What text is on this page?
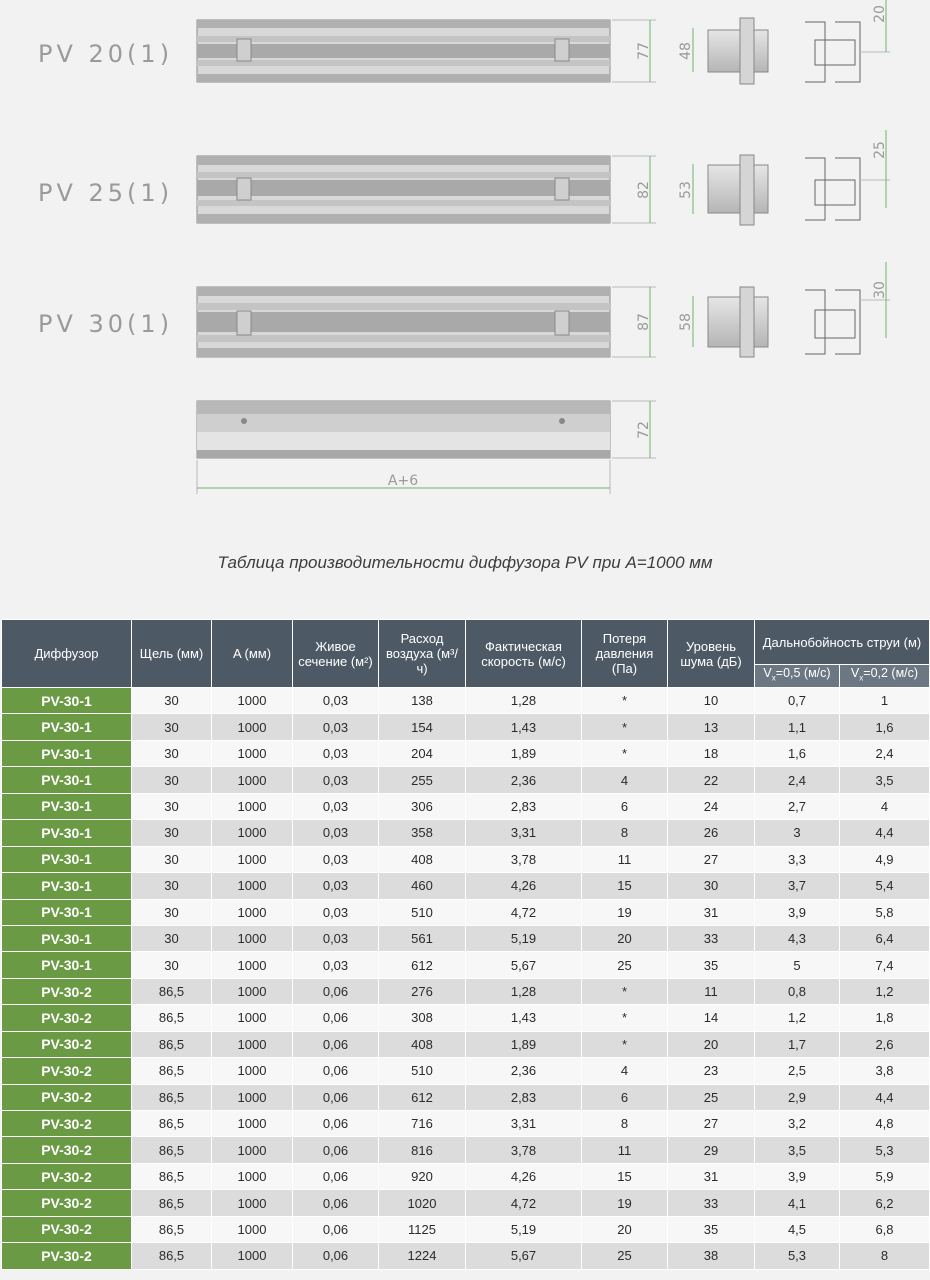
PV 20(1)
PV 25(1)
PV 30(1)
77 48
20
82 53
25
87 58
30
72
A+6
Таблица производительности диффузора PV при A=1000 мм
Диффузор	Щель (мм)	A (мм)	Живое сечение (м²)	Расход воздуха (м³/ч)	Фактическая скорость (м/с)	Потеря давления (Па)	Уровень шума (дБ)	Дальнобойность струи (м)	
								$V_х=0,5$ (м/с)	$V_х=0,2$ (м/с)
PV-30-1	30	1000	0,03	138	1,28	*	10	0,7	1
PV-30-1	30	1000	0,03	154	1,43	*	13	1,1	1,6
PV-30-1	30	1000	0,03	204	1,89	*	18	1,6	2,4
PV-30-1	30	1000	0,03	255	2,36	4	22	2,4	3,5
PV-30-1	30	1000	0,03	306	2,83	6	24	2,7	4
PV-30-1	30	1000	0,03	358	3,31	8	26	3	4,4
PV-30-1	30	1000	0,03	408	3,78	11	27	3,3	4,9
PV-30-1	30	1000	0,03	460	4,26	15	30	3,7	5,4
PV-30-1	30	1000	0,03	510	4,72	19	31	3,9	5,8
PV-30-1	30	1000	0,03	561	5,19	20	33	4,3	6,4
PV-30-1	30	1000	0,03	612	5,67	25	35	5	7,4
PV-30-2	86,5	1000	0,06	276	1,28	*	11	0,8	1,2
PV-30-2	86,5	1000	0,06	308	1,43	*	14	1,2	1,8
PV-30-2	86,5	1000	0,06	408	1,89	*	20	1,7	2,6
PV-30-2	86,5	1000	0,06	510	2,36	4	23	2,5	3,8
PV-30-2	86,5	1000	0,06	612	2,83	6	25	2,9	4,4
PV-30-2	86,5	1000	0,06	716	3,31	8	27	3,2	4,8
PV-30-2	86,5	1000	0,06	816	3,78	11	29	3,5	5,3
PV-30-2	86,5	1000	0,06	920	4,26	15	31	3,9	5,9
PV-30-2	86,5	1000	0,06	1020	4,72	19	33	4,1	6,2
PV-30-2	86,5	1000	0,06	1125	5,19	20	35	4,5	6,8
PV-30-2	86,5	1000	0,06	1224	5,67	25	38	5,3	8
